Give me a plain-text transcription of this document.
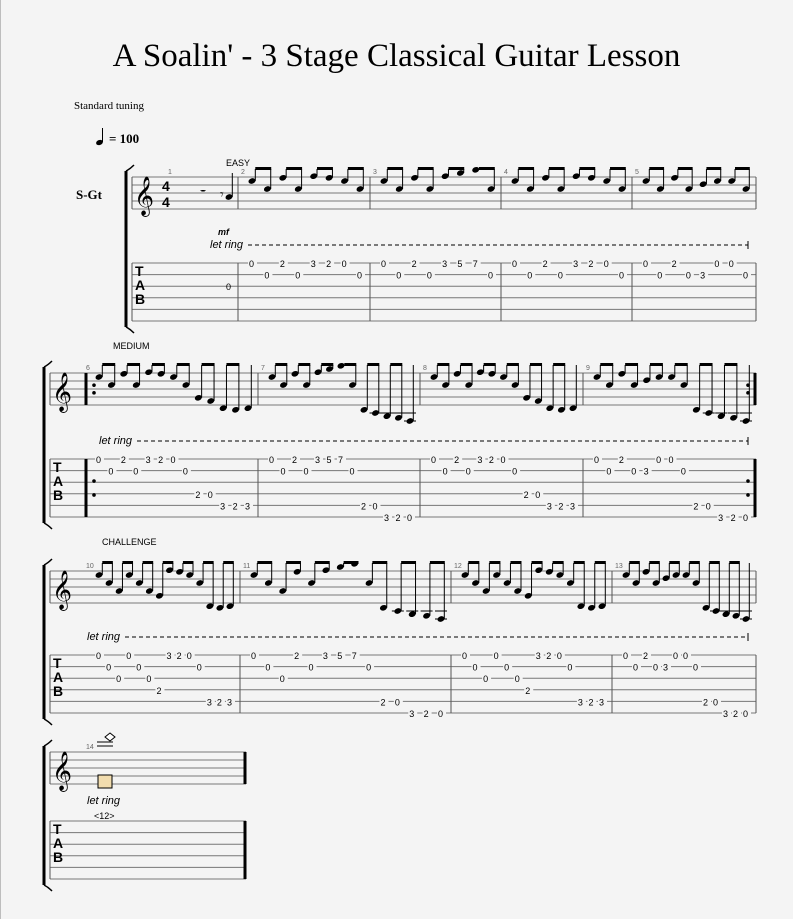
A Soalin' - 3 Stage Classical Guitar Lesson
Standard tuning
= 100
S-Gt 𝄞
T
A
B
4
4
1	2	3	4	5
EASY
let ring
mf
𝄻 𝄾
0
0
0
2
0
3 2 0
0
0
0
2
0
3 5 7
0
0
0
2
0
3 2 0
0
0
0
2
0 3
0 0
0
𝄞
T
A
B
6	7	8	9
MEDIUM
let ring
0
0
2
0
3 2 0
0
2 0
3 2 3
0
0
2
0
3 5 7
0
2 0
3 2 0
0
0
2
0
3 2 0
0
2 0
3 2 3
0
0
2
0 3
0 0
0
2 0
3 2 0
𝄞
T
A
B
10	11	12	13
CHALLENGE
let ring
0
0
0
0
0
0
2
3 2 0
0
3 2 3
0
0
0
2
0
3 5 7
0
2 0
3 2 0
0
0
0
0
0
0
2
3 2 0
0
3 2 3
0
0
2
0 3
0 0
0
2 0
3 2 0
𝄞
T
A
B
14
let ring
<12>
